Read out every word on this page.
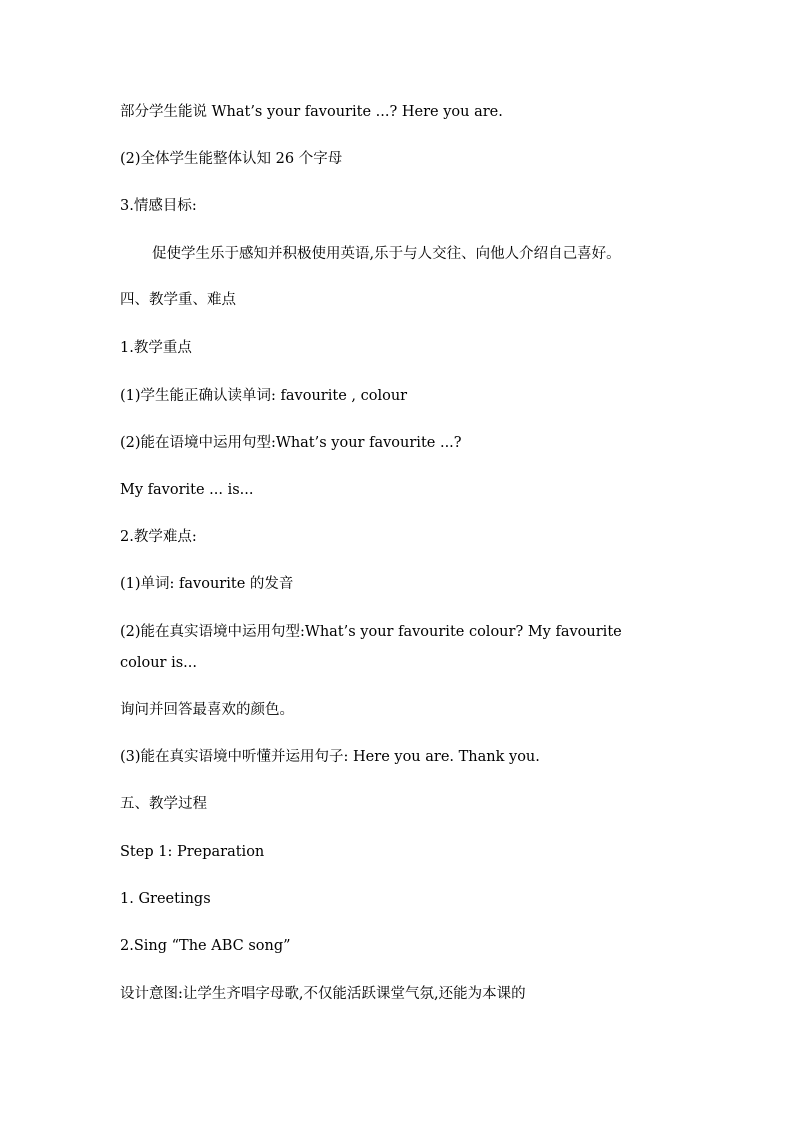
部分学生能说 What’s your favourite ...? Here you are.
(2)全体学生能整体认知 26 个字母
3.情感目标:
促使学生乐于感知并积极使用英语,乐于与人交往、向他人介绍自己喜好。
四、教学重、难点
1.教学重点
(1)学生能正确认读单词: favourite , colour
(2)能在语境中运用句型:What’s your favourite ...?
My favorite ... is...
2.教学难点:
(1)单词: favourite 的发音
(2)能在真实语境中运用句型:What’s your favourite colour? My favourite
colour is...
询问并回答最喜欢的颜色。
(3)能在真实语境中听懂并运用句子: Here you are. Thank you.
五、教学过程
Step 1: Preparation
1. Greetings
2.Sing “The ABC song”
设计意图:让学生齐唱字母歌,不仅能活跃课堂气氛,还能为本课的
